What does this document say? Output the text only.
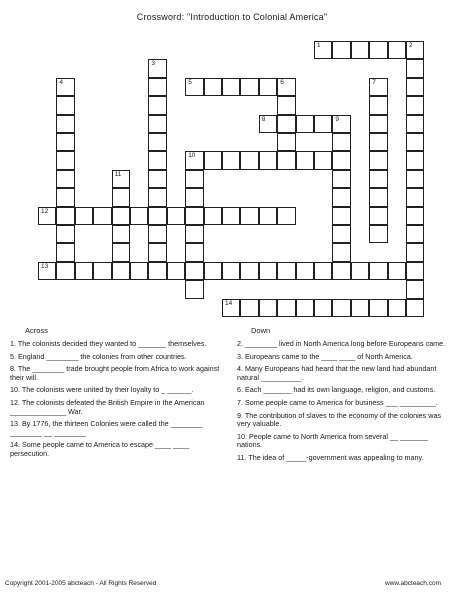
Crossword: "Introduction to Colonial America"
1	2
3
4	5	6	7
8	9
10
11
12
13
14
Across	Down
1. The colonists decided they wanted to _______ themselves.
5. England ________ the colonies from other countries.
8. The ________ trade brought people from Africa to work against their will.
10. The colonists were united by their loyalty to _ ______.
12. The colonists defeated the British Empire in the American ______________ War.
13. By 1776, the thirteen Colonies were called the ________ ________ __ ________
14. Some people came to America to escape ____ ____ persecution.
2. ________ lived in North America long before Europeans came.
3. Europeans came to the ____ ____ of North America.
4. Many Europeans had heard that the new land had abundant natural __________.
6. Each _______ had its own language, religion, and customs.
7. Some people came to America for business ___ _________.
9. The contribution of slaves to the economy of the colonies was very valuable.
10. People came to North America from several __ _______ nations.
11. The idea of _____-government was appealing to many.
Copyright 2001-2005 abcteach - All Rights Reserved	www.abcteach.com
